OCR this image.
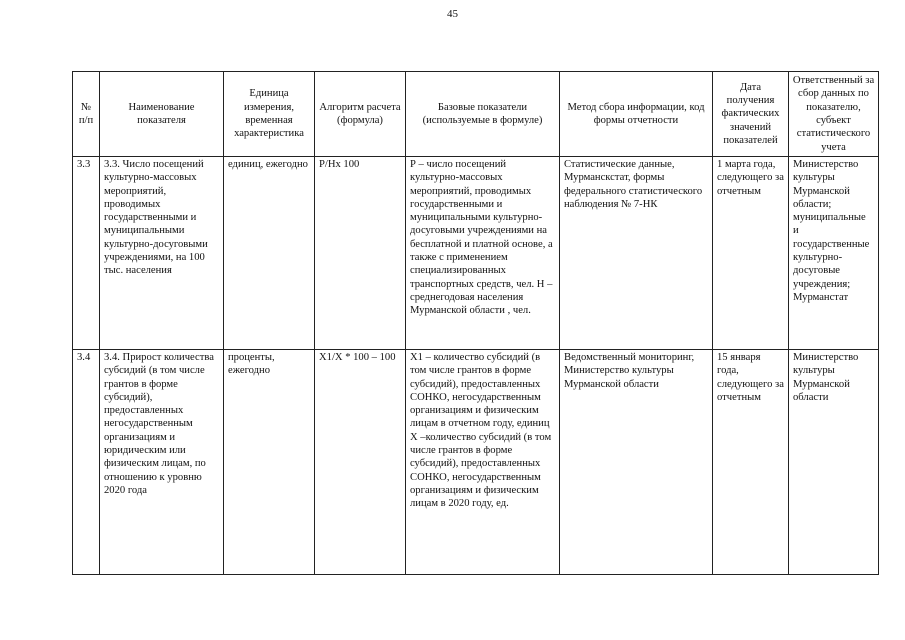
45
№ п/п	Наименование показателя	Единица измерения, временная характеристика	Алгоритм расчета (формула)	Базовые показатели (используемые в формуле)	Метод сбора информации, код формы отчетности	Дата получения фактических значений показателей	Ответственный за сбор данных по показателю, субъект статистического учета
3.3	3.3. Число посещений культурно-массовых мероприятий, проводимых государственными и муниципальными культурно-досуговыми учреждениями, на 100 тыс. населения	единиц, ежегодно	Р/Нх 100	Р – число посещений культурно-массовых мероприятий, проводимых государственными и муниципальными культурно-досуговыми учреждениями на бесплатной и платной основе, а также с применением специализированных транспортных средств, чел. Н – среднегодовая населения Мурманской области , чел.	Статистические данные, Мурманскстат, формы федерального статистического наблюдения № 7-НК	1 марта года, следующего за отчетным	Министерство культуры Мурманской области; муниципальные и государственные культурно-досуговые учреждения; Мурманстат
3.4	3.4. Прирост количества субсидий (в том числе грантов в форме субсидий), предоставленных негосударственным организациям и юридическим или физическим лицам, по отношению к уровню 2020 года	проценты, ежегодно	X1/X * 100 – 100	X1 – количество субсидий (в том числе грантов в форме субсидий), предоставленных СОНКО, негосударственным организациям и физическим лицам в отчетном году, единиц X –количество субсидий (в том числе грантов в форме субсидий), предоставленных СОНКО, негосударственным организациям и физическим лицам в 2020 году, ед.	Ведомственный мониторинг, Министерство культуры Мурманской области	15 января года, следующего за отчетным	Министерство культуры Мурманской области
